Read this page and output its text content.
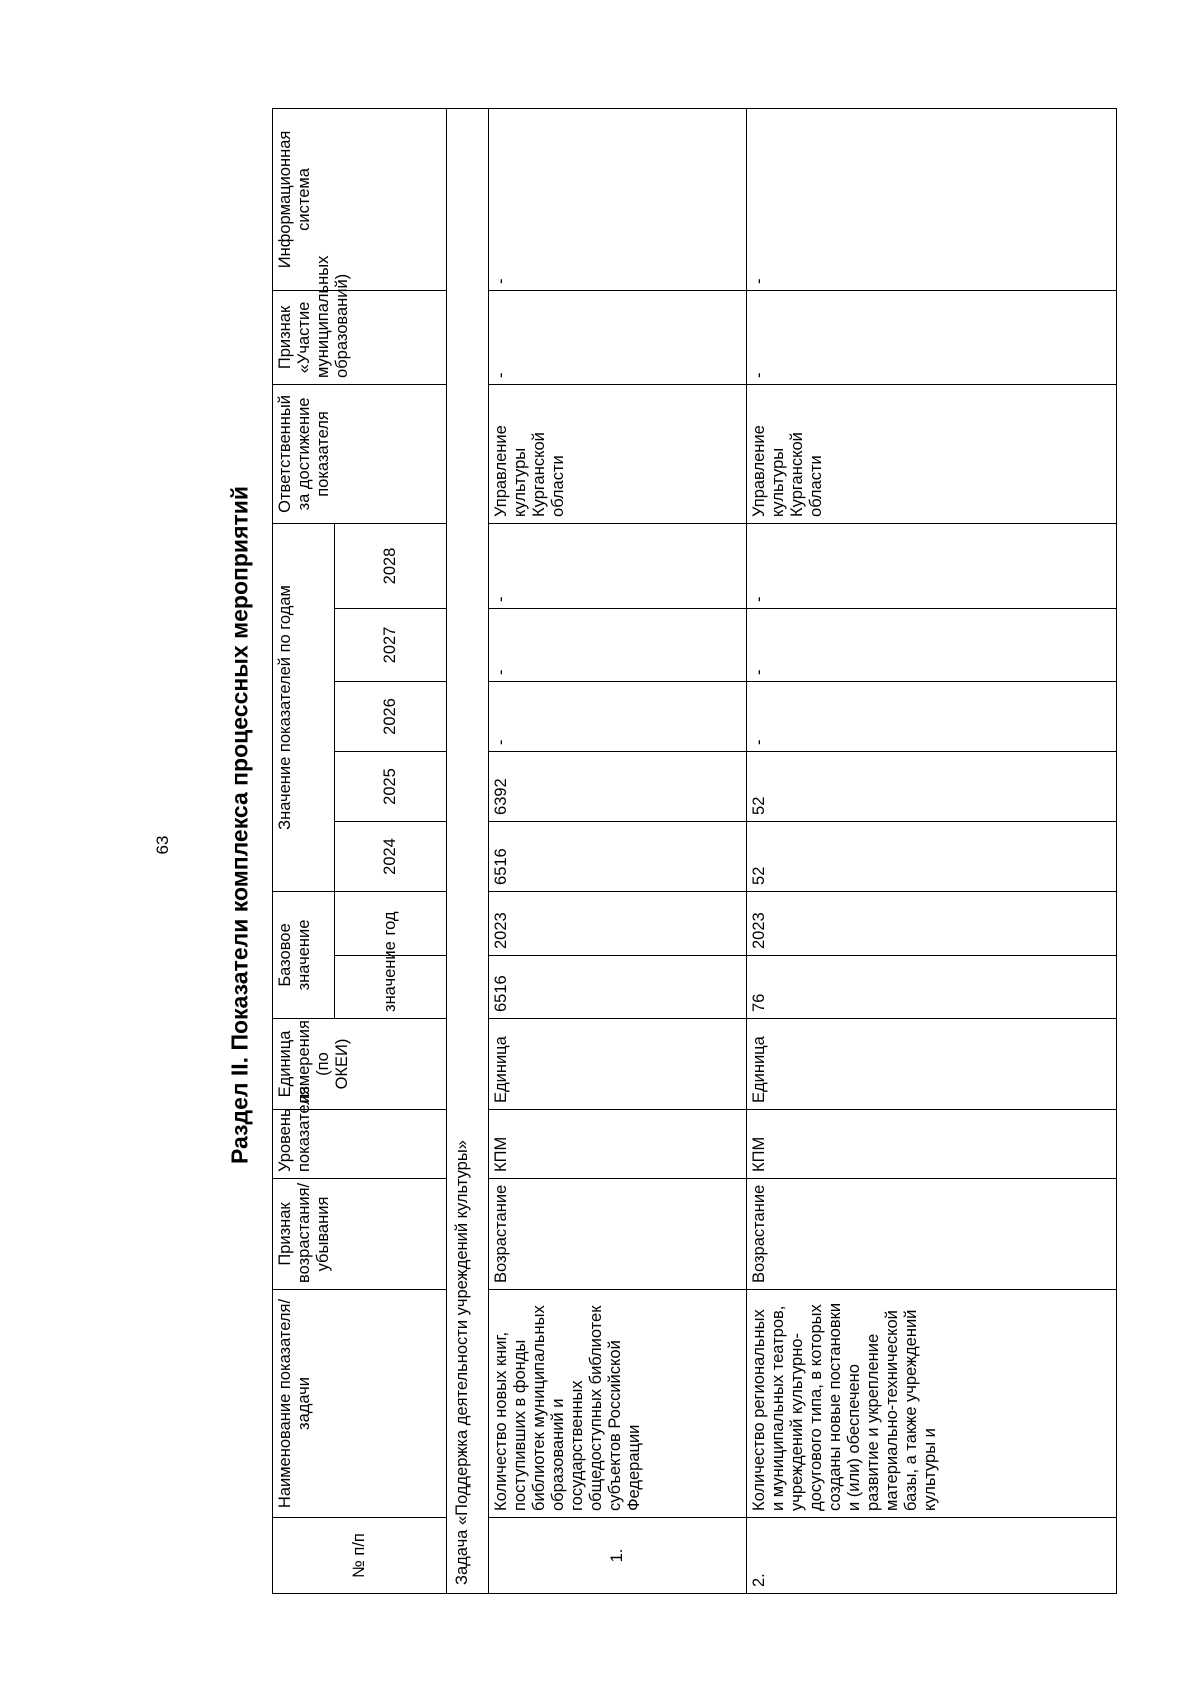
63 Раздел II. Показатели комплекса процессных мероприятий
№ п/п	Наименование показателя/задачи	Признак возрастания/ убывания	Уровень показателя	Единица измерения (по ОКЕИ)	Базовое значение		Значение показателей по годам					Ответственный за достижение показателя	Признак «Участие муниципальных образований)	Информационная система
					значение	год	2024	2025	2026	2027	2028			
Задача «Поддержка деятельности учреждений культуры»														
1.	Количество новых книг, поступивших в фонды библиотек муниципальных образований и государственных общедоступных библиотек субъектов Российской Федерации	Возрастание	КПМ	Единица	6516	2023	6516	6392	-	-	-	Управление культуры Курганской области	-	-
2.	Количество региональных и муниципальных театров, учреждений культурно-досугового типа, в которых созданы новые постановки и (или) обеспечено развитие и укрепление материально-технической базы, а также учреждений культуры и	Возрастание	КПМ	Единица	76	2023	52	52	-	-	-	Управление культуры Курганской области	-	-
